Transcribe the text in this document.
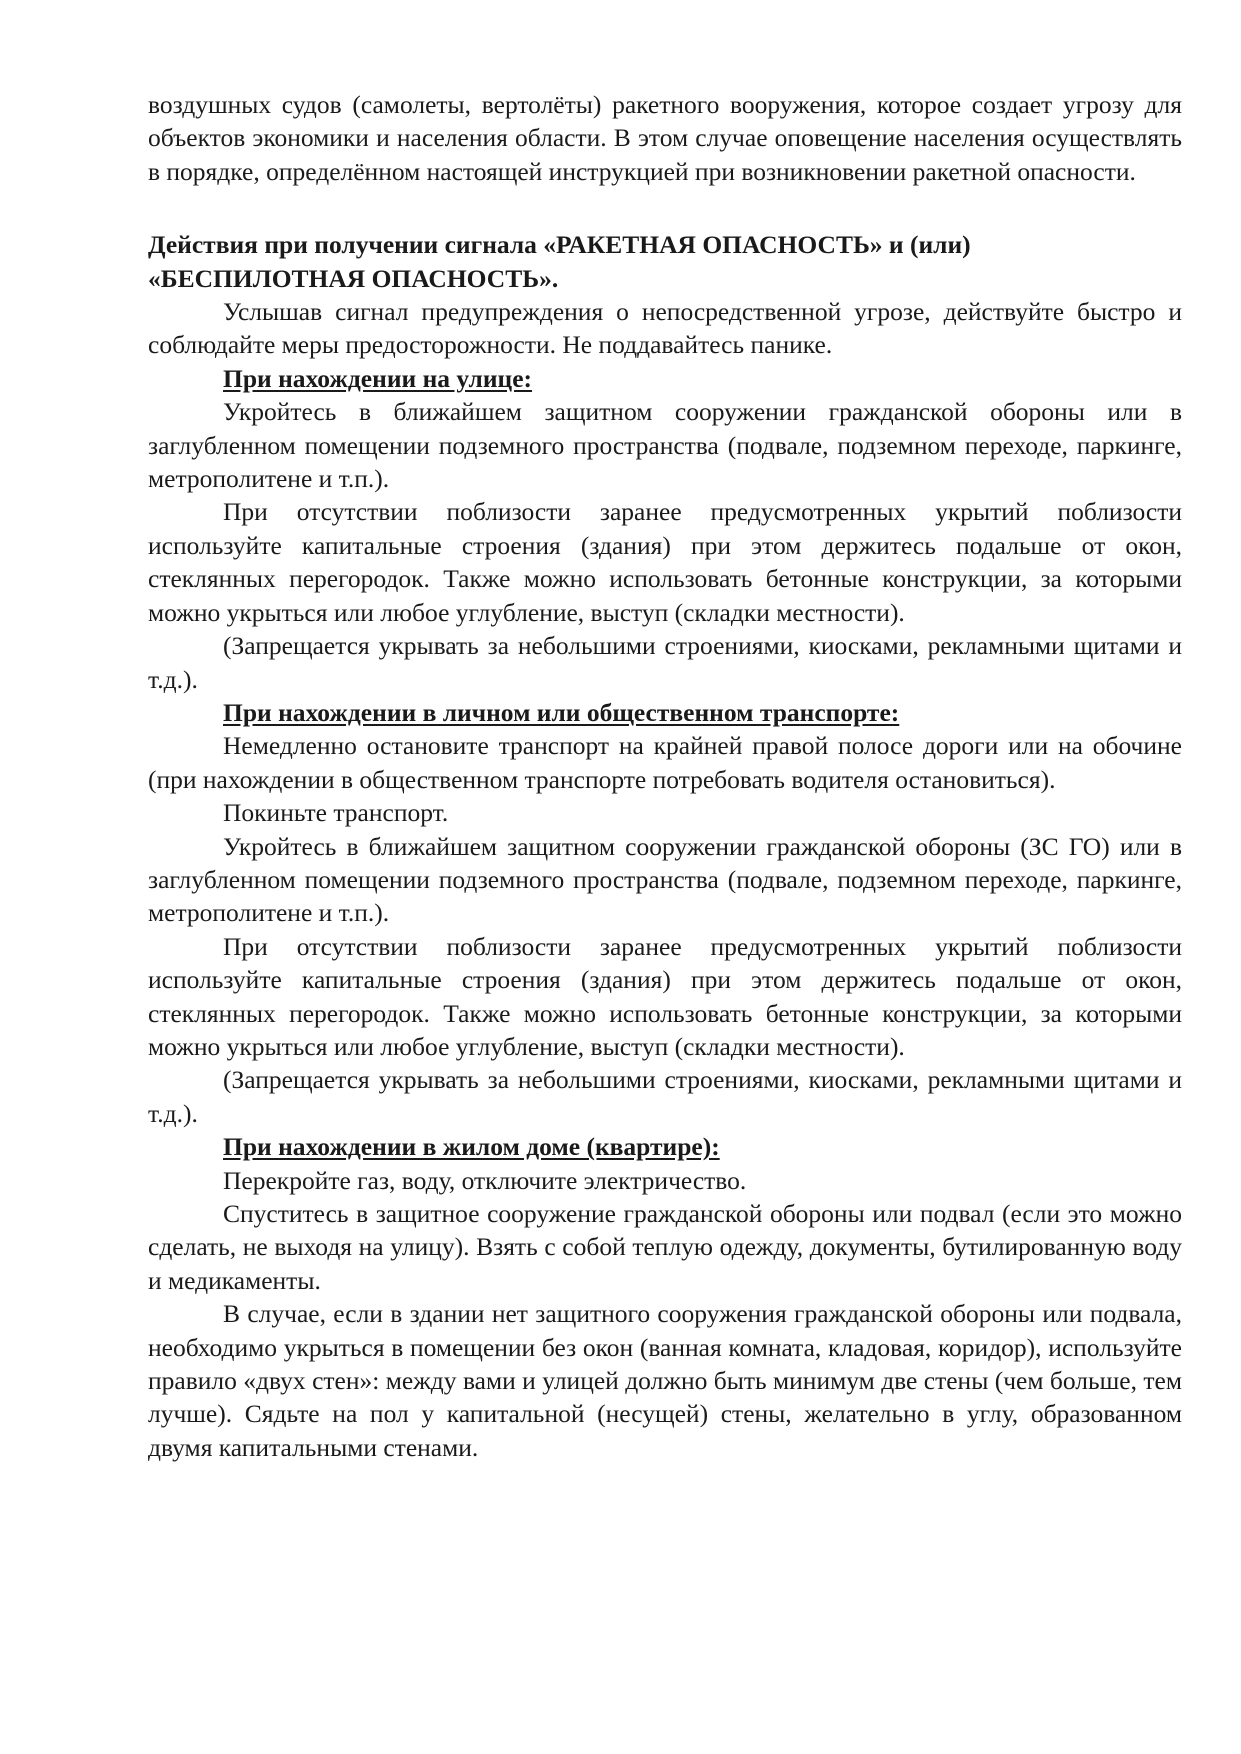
воздушных судов (самолеты, вертолёты) ракетного вооружения, которое создает угрозу для объектов экономики и населения области. В этом случае оповещение населения осуществлять в порядке, определённом настоящей инструкцией при возникновении ракетной опасности.

Действия при получении сигнала «РАКЕТНАЯ ОПАСНОСТЬ» и (или)

«БЕСПИЛОТНАЯ ОПАСНОСТЬ».

Услышав сигнал предупреждения о непосредственной угрозе, действуйте быстро и соблюдайте меры предосторожности. Не поддавайтесь панике.

При нахождении на улице:

Укройтесь в ближайшем защитном сооружении гражданской обороны или в заглубленном помещении подземного пространства (подвале, подземном переходе, паркинге, метрополитене и т.п.).

При отсутствии поблизости заранее предусмотренных укрытий поблизости используйте капитальные строения (здания) при этом держитесь подальше от окон, стеклянных перегородок. Также можно использовать бетонные конструкции, за которыми можно укрыться или любое углубление, выступ (складки местности).

(Запрещается укрывать за небольшими строениями, киосками, рекламными щитами и т.д.).

При нахождении в личном или общественном транспорте:

Немедленно остановите транспорт на крайней правой полосе дороги или на обочине (при нахождении в общественном транспорте потребовать водителя остановиться).

Покиньте транспорт.

Укройтесь в ближайшем защитном сооружении гражданской обороны (ЗС ГО) или в заглубленном помещении подземного пространства (подвале, подземном переходе, паркинге, метрополитене и т.п.).

При отсутствии поблизости заранее предусмотренных укрытий поблизости используйте капитальные строения (здания) при этом держитесь подальше от окон, стеклянных перегородок. Также можно использовать бетонные конструкции, за которыми можно укрыться или любое углубление, выступ (складки местности).

(Запрещается укрывать за небольшими строениями, киосками, рекламными щитами и т.д.).

При нахождении в жилом доме (квартире):

Перекройте газ, воду, отключите электричество.

Спуститесь в защитное сооружение гражданской обороны или подвал (если это можно сделать, не выходя на улицу). Взять с собой теплую одежду, документы, бутилированную воду и медикаменты.

В случае, если в здании нет защитного сооружения гражданской обороны или подвала, необходимо укрыться в помещении без окон (ванная комната, кладовая, коридор), используйте правило «двух стен»: между вами и улицей должно быть минимум две стены (чем больше, тем лучше). Сядьте на пол у капитальной (несущей) стены, желательно в углу, образованном двумя капитальными стенами.
